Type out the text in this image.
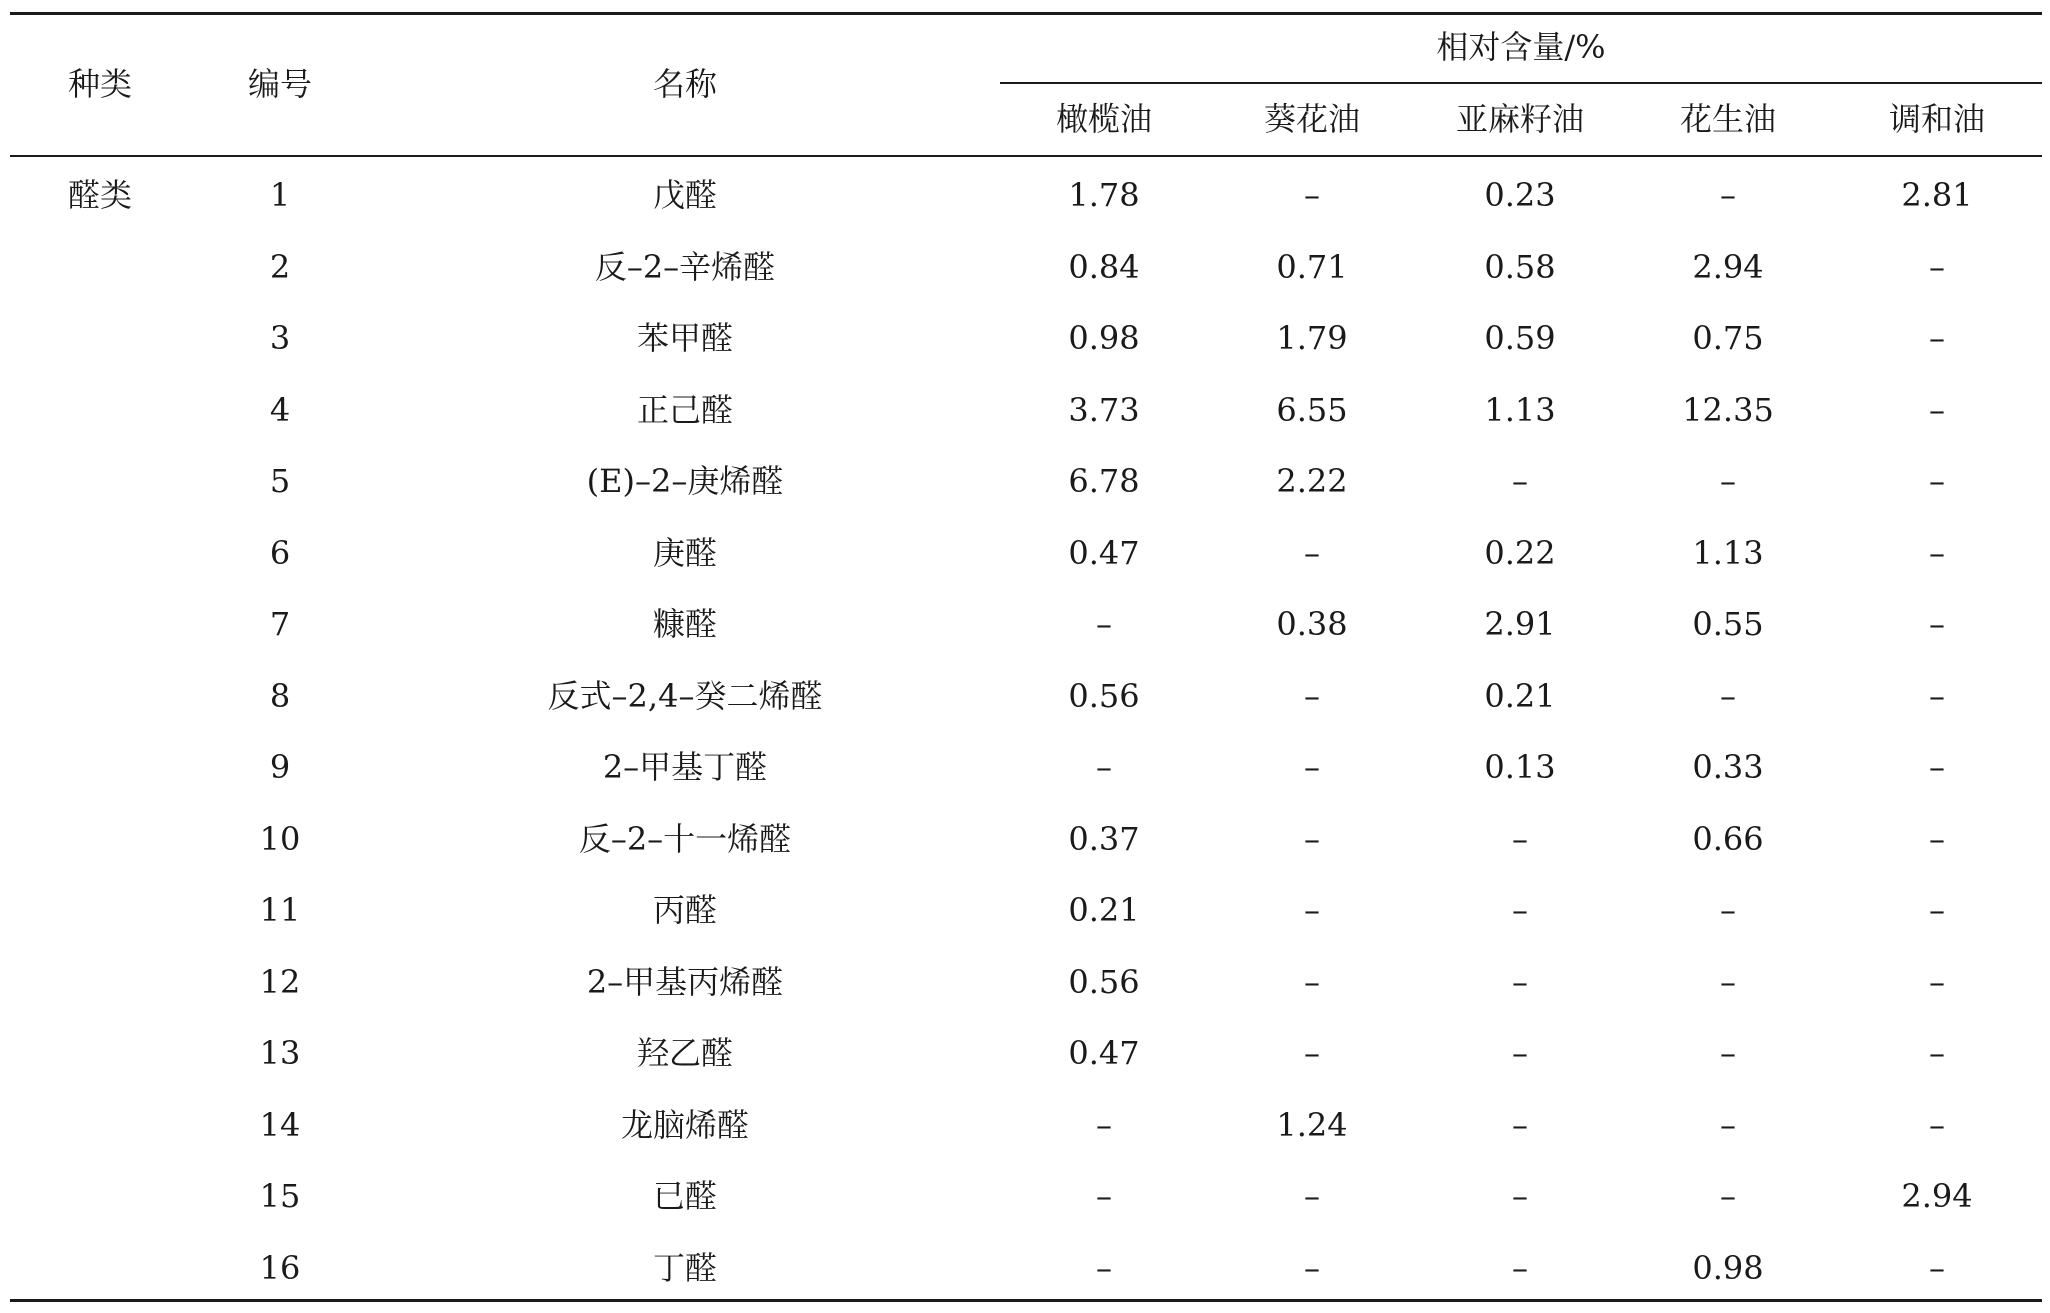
种类	编号	名称
相对含量/%
橄榄油	葵花油	亚麻籽油	花生油	调和油
醛类	1	戊醛	1.78	–	0.23	–	2.81
2	反–2–辛烯醛	0.84	0.71	0.58	2.94	–
3	苯甲醛	0.98	1.79	0.59	0.75	–
4	正己醛	3.73	6.55	1.13	12.35	–
5	(E)–2–庚烯醛	6.78	2.22	–	–	–
6	庚醛	0.47	–	0.22	1.13	–
7	糠醛	–	0.38	2.91	0.55	–
8	反式–2,4–癸二烯醛	0.56	–	0.21	–	–
9	2–甲基丁醛	–	–	0.13	0.33	–
10	反–2–十一烯醛	0.37	–	–	0.66	–
11	丙醛	0.21	–	–	–	–
12	2–甲基丙烯醛	0.56	–	–	–	–
13	羟乙醛	0.47	–	–	–	–
14	龙脑烯醛	–	1.24	–	–	–
15	已醛	–	–	–	–	2.94
16	丁醛	–	–	–	0.98	–
